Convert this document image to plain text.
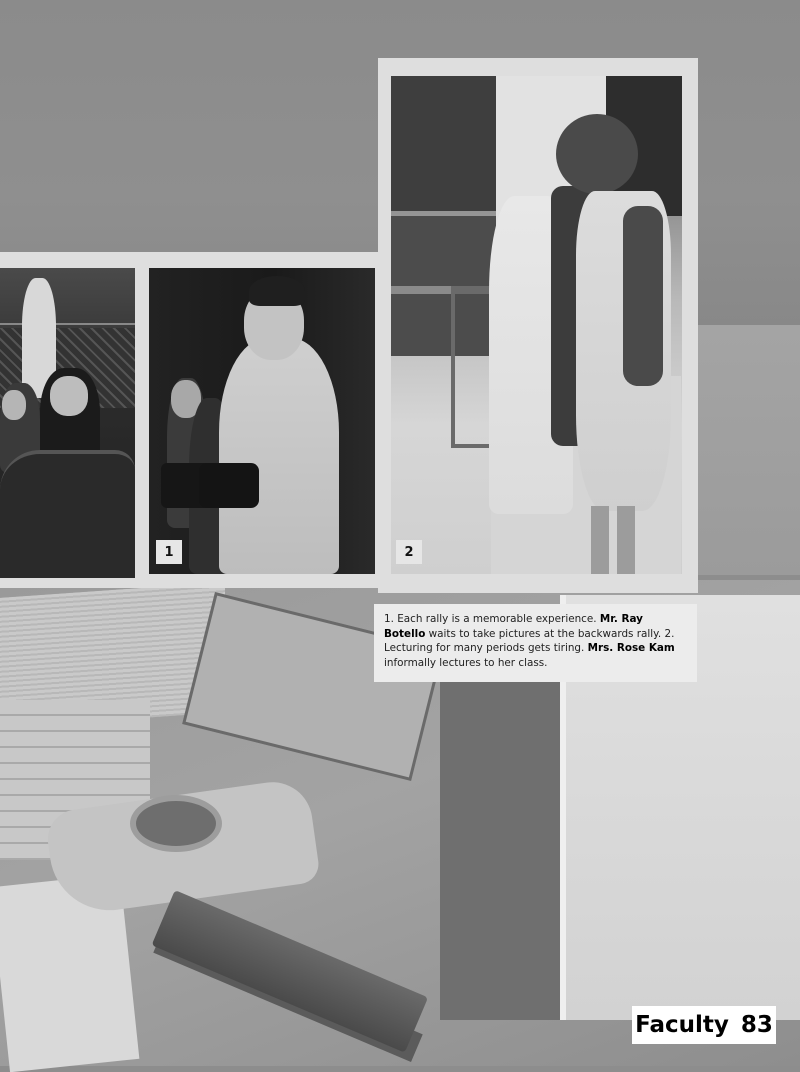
1	2
1. Each rally is a memorable experience. Mr. Ray Botello waits to take pictures at the backwards rally. 2. Lecturing for many periods gets tiring. Mrs. Rose Kam informally lectures to her class.
Faculty 83
